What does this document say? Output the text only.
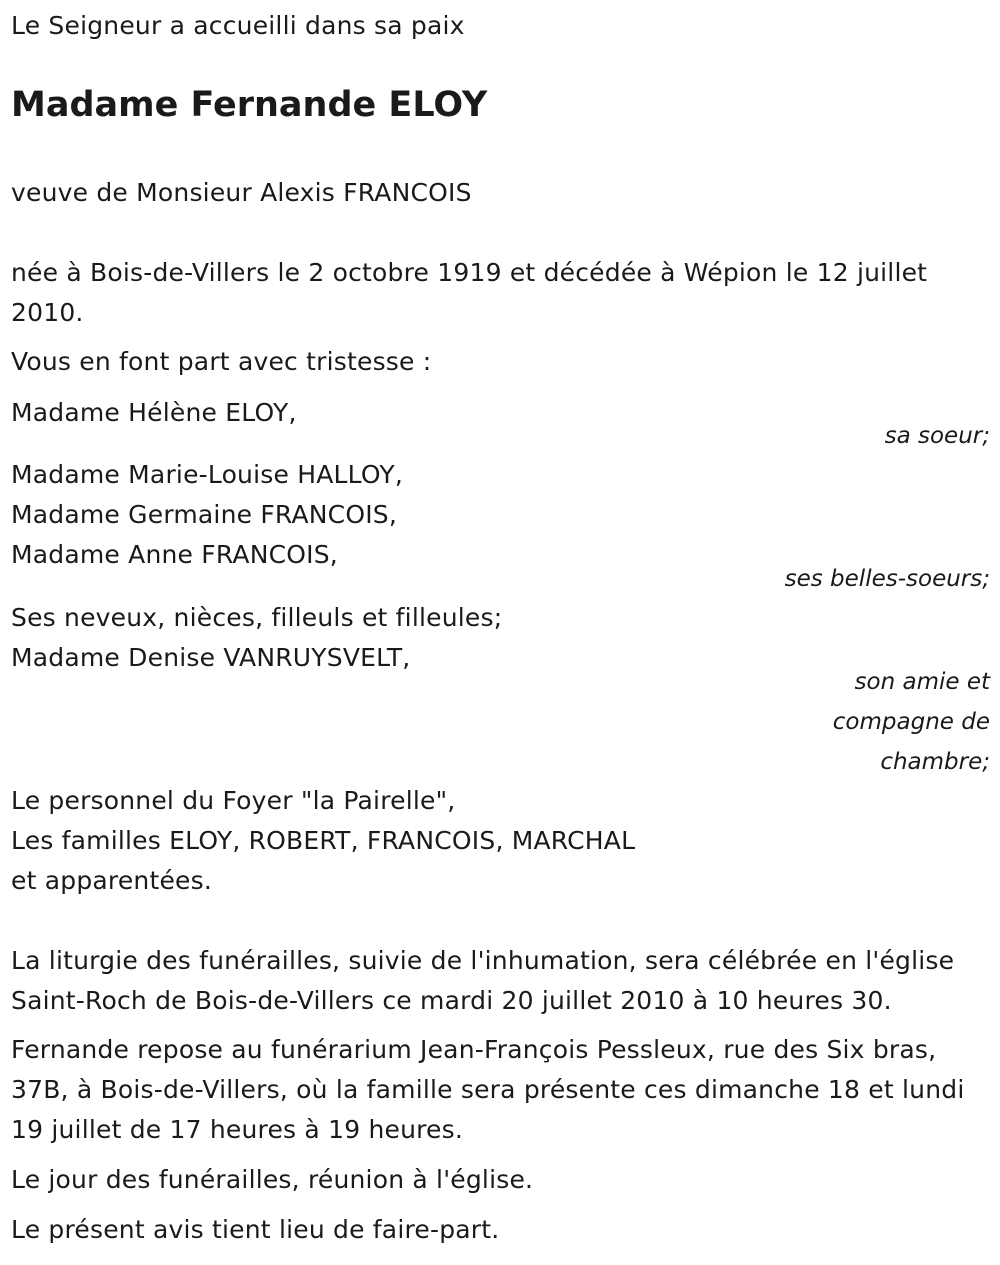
Le Seigneur a accueilli dans sa paix
Madame Fernande ELOY
veuve de Monsieur Alexis FRANCOIS
née à Bois-de-Villers le 2 octobre 1919 et décédée à Wépion le 12 juillet
2010.
Vous en font part avec tristesse :
Madame Hélène ELOY,
sa soeur;
Madame Marie-Louise HALLOY,
Madame Germaine FRANCOIS,
Madame Anne FRANCOIS,
ses belles-soeurs;
Ses neveux, nièces, filleuls et filleules;
Madame Denise VANRUYSVELT,
son amie et
compagne de
chambre;
Le personnel du Foyer "la Pairelle",
Les familles ELOY, ROBERT, FRANCOIS, MARCHAL
et apparentées.
La liturgie des funérailles, suivie de l'inhumation, sera célébrée en l'église
Saint-Roch de Bois-de-Villers ce mardi 20 juillet 2010 à 10 heures 30.
Fernande repose au funérarium Jean-François Pessleux, rue des Six bras,
37B, à Bois-de-Villers, où la famille sera présente ces dimanche 18 et lundi
19 juillet de 17 heures à 19 heures.
Le jour des funérailles, réunion à l'église.
Le présent avis tient lieu de faire-part.
